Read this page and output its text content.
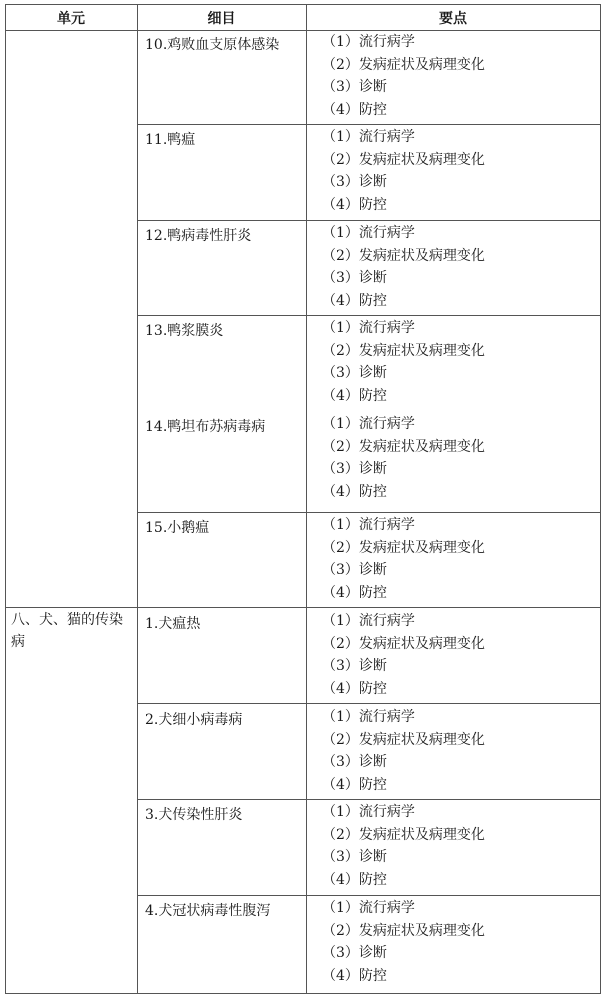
单元	细目	要点
八、犬、猫的传染病
10.鸡败血支原体感染
11.鸭瘟
12.鸭病毒性肝炎
13.鸭浆膜炎
14.鸭坦布苏病毒病
15.小鹅瘟
1.犬瘟热
2.犬细小病毒病
3.犬传染性肝炎
4.犬冠状病毒性腹泻
（1）流行病学
（2）发病症状及病理变化
（3）诊断
（4）防控
（1）流行病学
（2）发病症状及病理变化
（3）诊断
（4）防控
（1）流行病学
（2）发病症状及病理变化
（3）诊断
（4）防控
（1）流行病学
（2）发病症状及病理变化
（3）诊断
（4）防控
（1）流行病学
（2）发病症状及病理变化
（3）诊断
（4）防控
（1）流行病学
（2）发病症状及病理变化
（3）诊断
（4）防控
（1）流行病学
（2）发病症状及病理变化
（3）诊断
（4）防控
（1）流行病学
（2）发病症状及病理变化
（3）诊断
（4）防控
（1）流行病学
（2）发病症状及病理变化
（3）诊断
（4）防控
（1）流行病学
（2）发病症状及病理变化
（3）诊断
（4）防控
